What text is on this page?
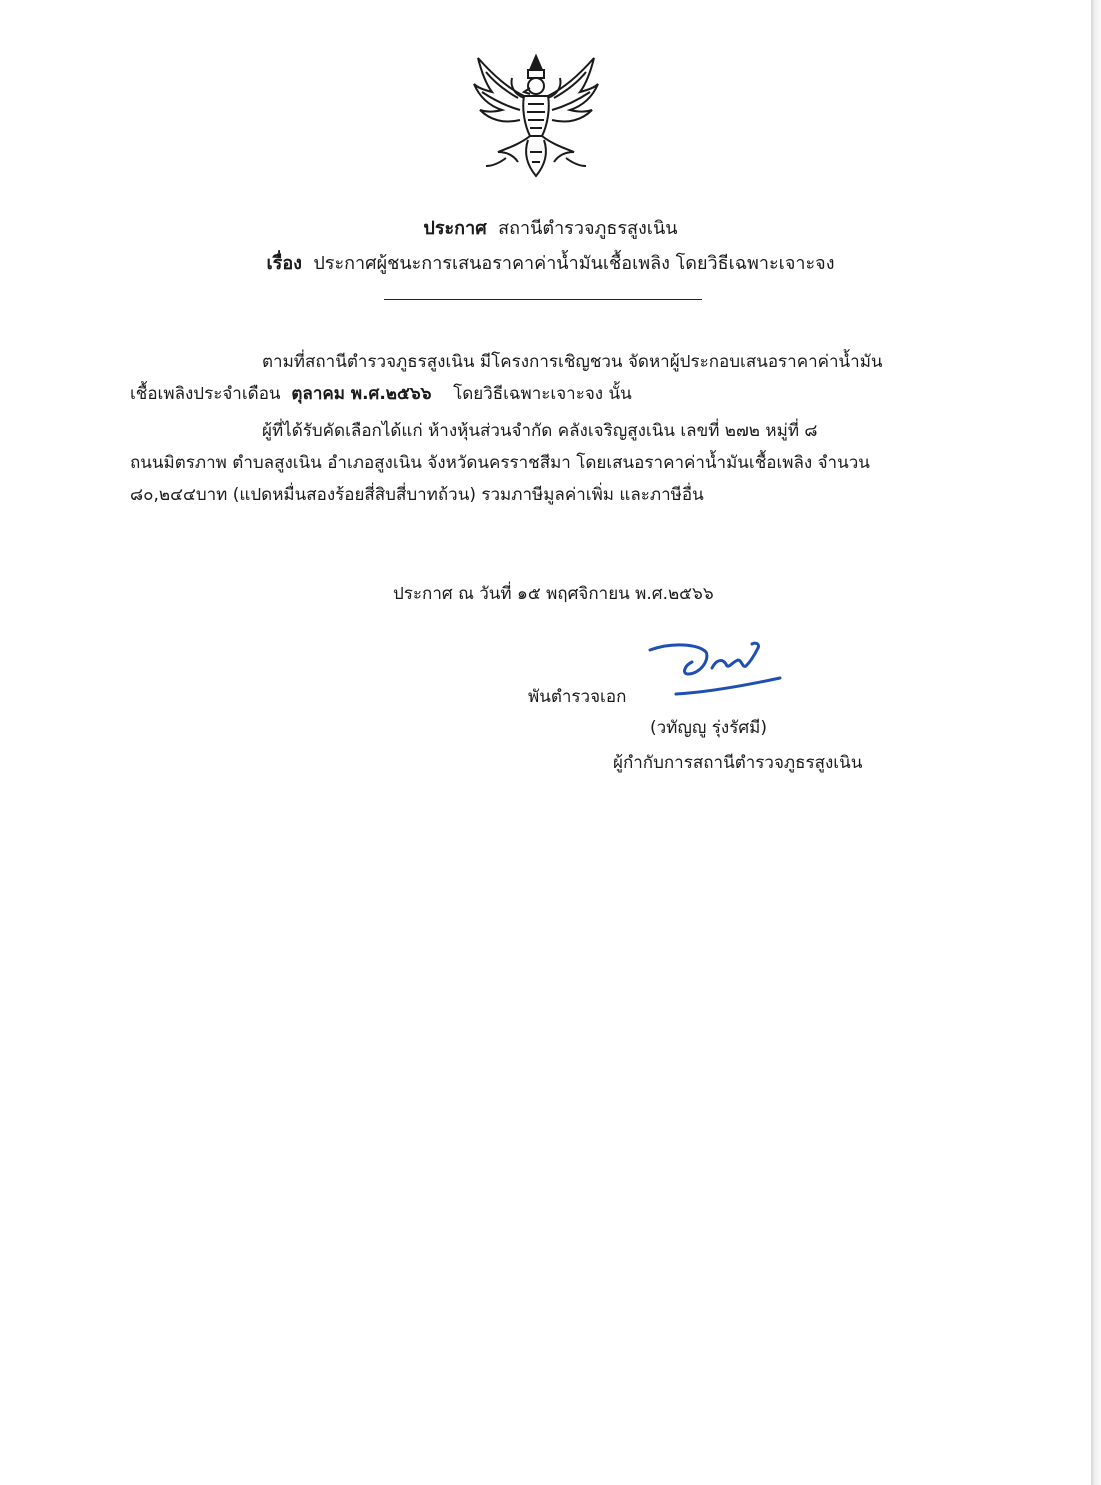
ประกาศ สถานีตำรวจภูธรสูงเนิน
เรื่อง ประกาศผู้ชนะการเสนอราคาค่าน้ำมันเชื้อเพลิง โดยวิธีเฉพาะเจาะจง
ตามที่สถานีตำรวจภูธรสูงเนิน มีโครงการเชิญชวน จัดหาผู้ประกอบเสนอราคาค่าน้ำมัน
เชื้อเพลิงประจำเดือน ตุลาคม พ.ศ.๒๕๖๖ โดยวิธีเฉพาะเจาะจง นั้น
ผู้ที่ได้รับคัดเลือกได้แก่ ห้างหุ้นส่วนจำกัด คลังเจริญสูงเนิน เลขที่ ๒๗๒ หมู่ที่ ๘
ถนนมิตรภาพ ตำบลสูงเนิน อำเภอสูงเนิน จังหวัดนครราชสีมา โดยเสนอราคาค่าน้ำมันเชื้อเพลิง จำนวน
๘๐,๒๔๔บาท (แปดหมื่นสองร้อยสี่สิบสี่บาทถ้วน) รวมภาษีมูลค่าเพิ่ม และภาษีอื่น
ประกาศ ณ วันที่ ๑๕ พฤศจิกายน พ.ศ.๒๕๖๖
พันตำรวจเอก
(วทัญญู รุ่งรัศมี)
ผู้กำกับการสถานีตำรวจภูธรสูงเนิน
